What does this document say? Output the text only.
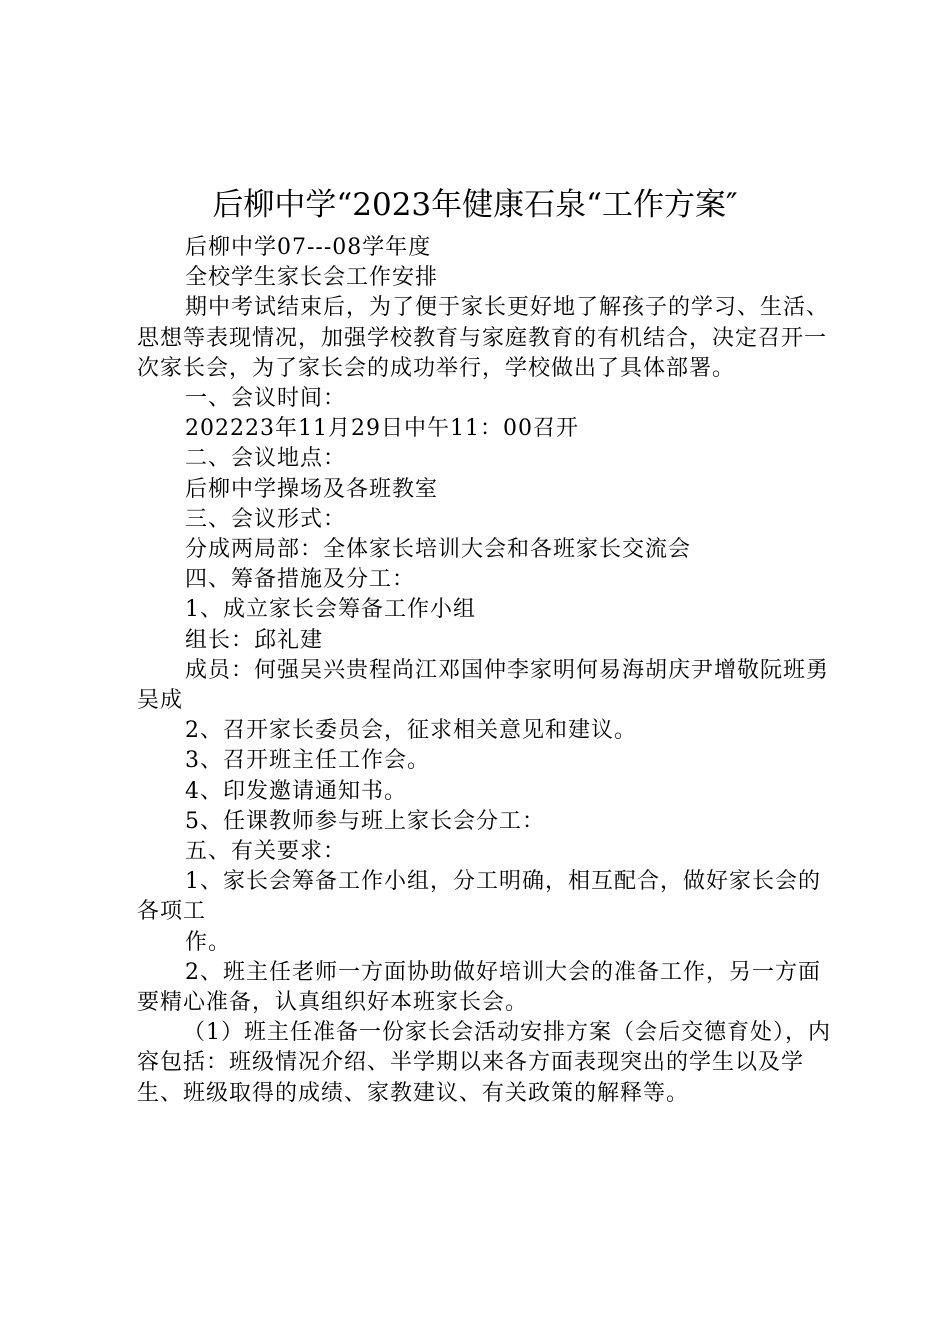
后柳中学“2023年健康石泉“工作方案″

后柳中学07---08学年度

全校学生家长会工作安排

期中考试结束后，为了便于家长更好地了解孩子的学习、生活、思想等表现情况，加强学校教育与家庭教育的有机结合，决定召开一次家长会，为了家长会的成功举行，学校做出了具体部署。

一、会议时间：

202223年11月29日中午11：00召开

二、会议地点：

后柳中学操场及各班教室

三、会议形式：

分成两局部：全体家长培训大会和各班家长交流会

四、筹备措施及分工：

1、成立家长会筹备工作小组

组长：邱礼建

成员：何强吴兴贵程尚江邓国仲李家明何易海胡庆尹增敬阮班勇吴成

2、召开家长委员会，征求相关意见和建议。

3、召开班主任工作会。

4、印发邀请通知书。

5、任课教师参与班上家长会分工：

五、有关要求：

1、家长会筹备工作小组，分工明确，相互配合，做好家长会的各项工

作。

2、班主任老师一方面协助做好培训大会的准备工作，另一方面要精心准备，认真组织好本班家长会。

（1）班主任准备一份家长会活动安排方案（会后交德育处），内容包括：班级情况介绍、半学期以来各方面表现突出的学生以及学生、班级取得的成绩、家教建议、有关政策的解释等。
